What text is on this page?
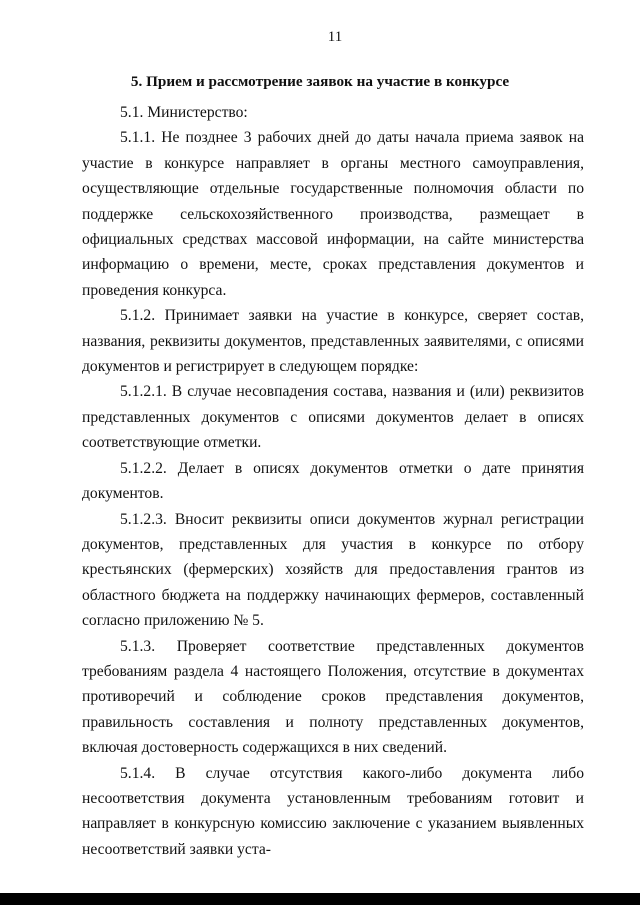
11
5. Прием и рассмотрение заявок на участие в конкурсе

5.1. Министерство:

5.1.1. Не позднее 3 рабочих дней до даты начала приема заявок на участие в конкурсе направляет в органы местного самоуправления, осуществляющие отдельные государственные полномочия области по поддержке сельскохозяйственного производства, размещает в официальных средствах массовой информации, на сайте министерства информацию о времени, месте, сроках представления документов и проведения конкурса.

5.1.2. Принимает заявки на участие в конкурсе, сверяет состав, названия, реквизиты документов, представленных заявителями, с описями документов и регистрирует в следующем порядке:

5.1.2.1. В случае несовпадения состава, названия и (или) реквизитов представленных документов с описями документов делает в описях соответствующие отметки.

5.1.2.2. Делает в описях документов отметки о дате принятия документов.

5.1.2.3. Вносит реквизиты описи документов журнал регистрации документов, представленных для участия в конкурсе по отбору крестьянских (фермерских) хозяйств для предоставления грантов из областного бюджета на поддержку начинающих фермеров, составленный согласно приложению № 5.

5.1.3. Проверяет соответствие представленных документов требованиям раздела 4 настоящего Положения, отсутствие в документах противоречий и соблюдение сроков представления документов, правильность составления и полноту представленных документов, включая достоверность содержащихся в них сведений.

5.1.4. В случае отсутствия какого-либо документа либо несоответствия документа установленным требованиям готовит и направляет в конкурсную комиссию заключение с указанием выявленных несоответствий заявки уста-
